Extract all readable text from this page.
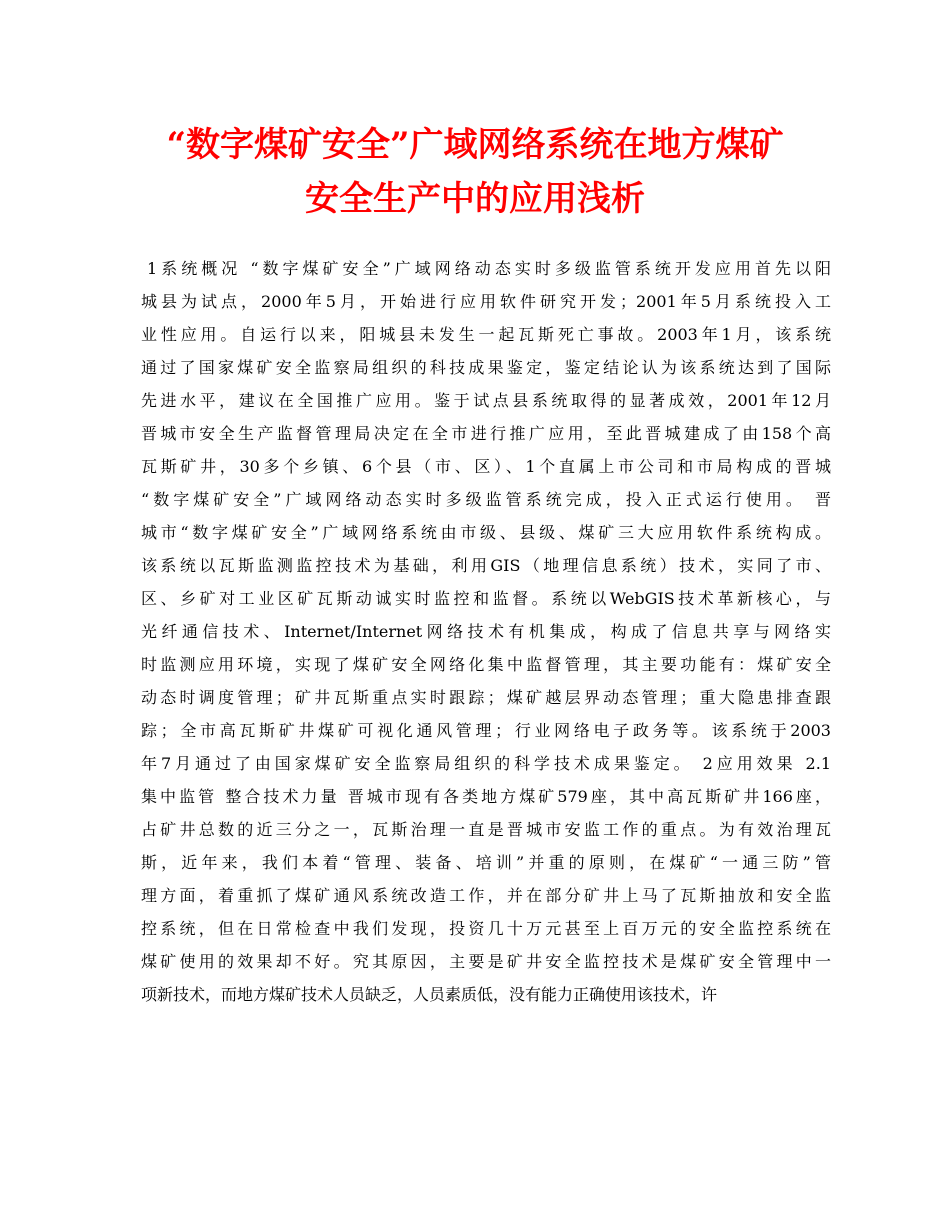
“数字煤矿安全”广域网络系统在地方煤矿
安全生产中的应用浅析
1系统概况 “数字煤矿安全”广域网络动态实时多级监管系统开发应用首先以阳
城县为试点，2000年5月，开始进行应用软件研究开发；2001年5月系统投入工
业性应用。自运行以来，阳城县未发生一起瓦斯死亡事故。2003年1月，该系统
通过了国家煤矿安全监察局组织的科技成果鉴定，鉴定结论认为该系统达到了国际
先进水平，建议在全国推广应用。鉴于试点县系统取得的显著成效，2001年12月
晋城市安全生产监督管理局决定在全市进行推广应用，至此晋城建成了由158个高
瓦斯矿井，30多个乡镇、6个县（市、区）、1个直属上市公司和市局构成的晋城
“数字煤矿安全”广域网络动态实时多级监管系统完成，投入正式运行使用。 晋
城市“数字煤矿安全”广域网络系统由市级、县级、煤矿三大应用软件系统构成。
该系统以瓦斯监测监控技术为基础，利用GIS（地理信息系统）技术，实同了市、
区、乡矿对工业区矿瓦斯动诚实时监控和监督。系统以WebGIS技术革新核心，与
光纤通信技术、Internet/Internet网络技术有机集成，构成了信息共享与网络实
时监测应用环境，实现了煤矿安全网络化集中监督管理，其主要功能有：煤矿安全
动态时调度管理；矿井瓦斯重点实时跟踪；煤矿越层界动态管理；重大隐患排查跟
踪；全市高瓦斯矿井煤矿可视化通风管理；行业网络电子政务等。该系统于2003
年7月通过了由国家煤矿安全监察局组织的科学技术成果鉴定。 2应用效果 2.1
集中监管 整合技术力量 晋城市现有各类地方煤矿579座，其中高瓦斯矿井166座，
占矿井总数的近三分之一，瓦斯治理一直是晋城市安监工作的重点。为有效治理瓦
斯，近年来，我们本着“管理、装备、培训”并重的原则，在煤矿“一通三防”管
理方面，着重抓了煤矿通风系统改造工作，并在部分矿井上马了瓦斯抽放和安全监
控系统，但在日常检查中我们发现，投资几十万元甚至上百万元的安全监控系统在
煤矿使用的效果却不好。究其原因，主要是矿井安全监控技术是煤矿安全管理中一
项新技术，而地方煤矿技术人员缺乏，人员素质低，没有能力正确使用该技术，许
